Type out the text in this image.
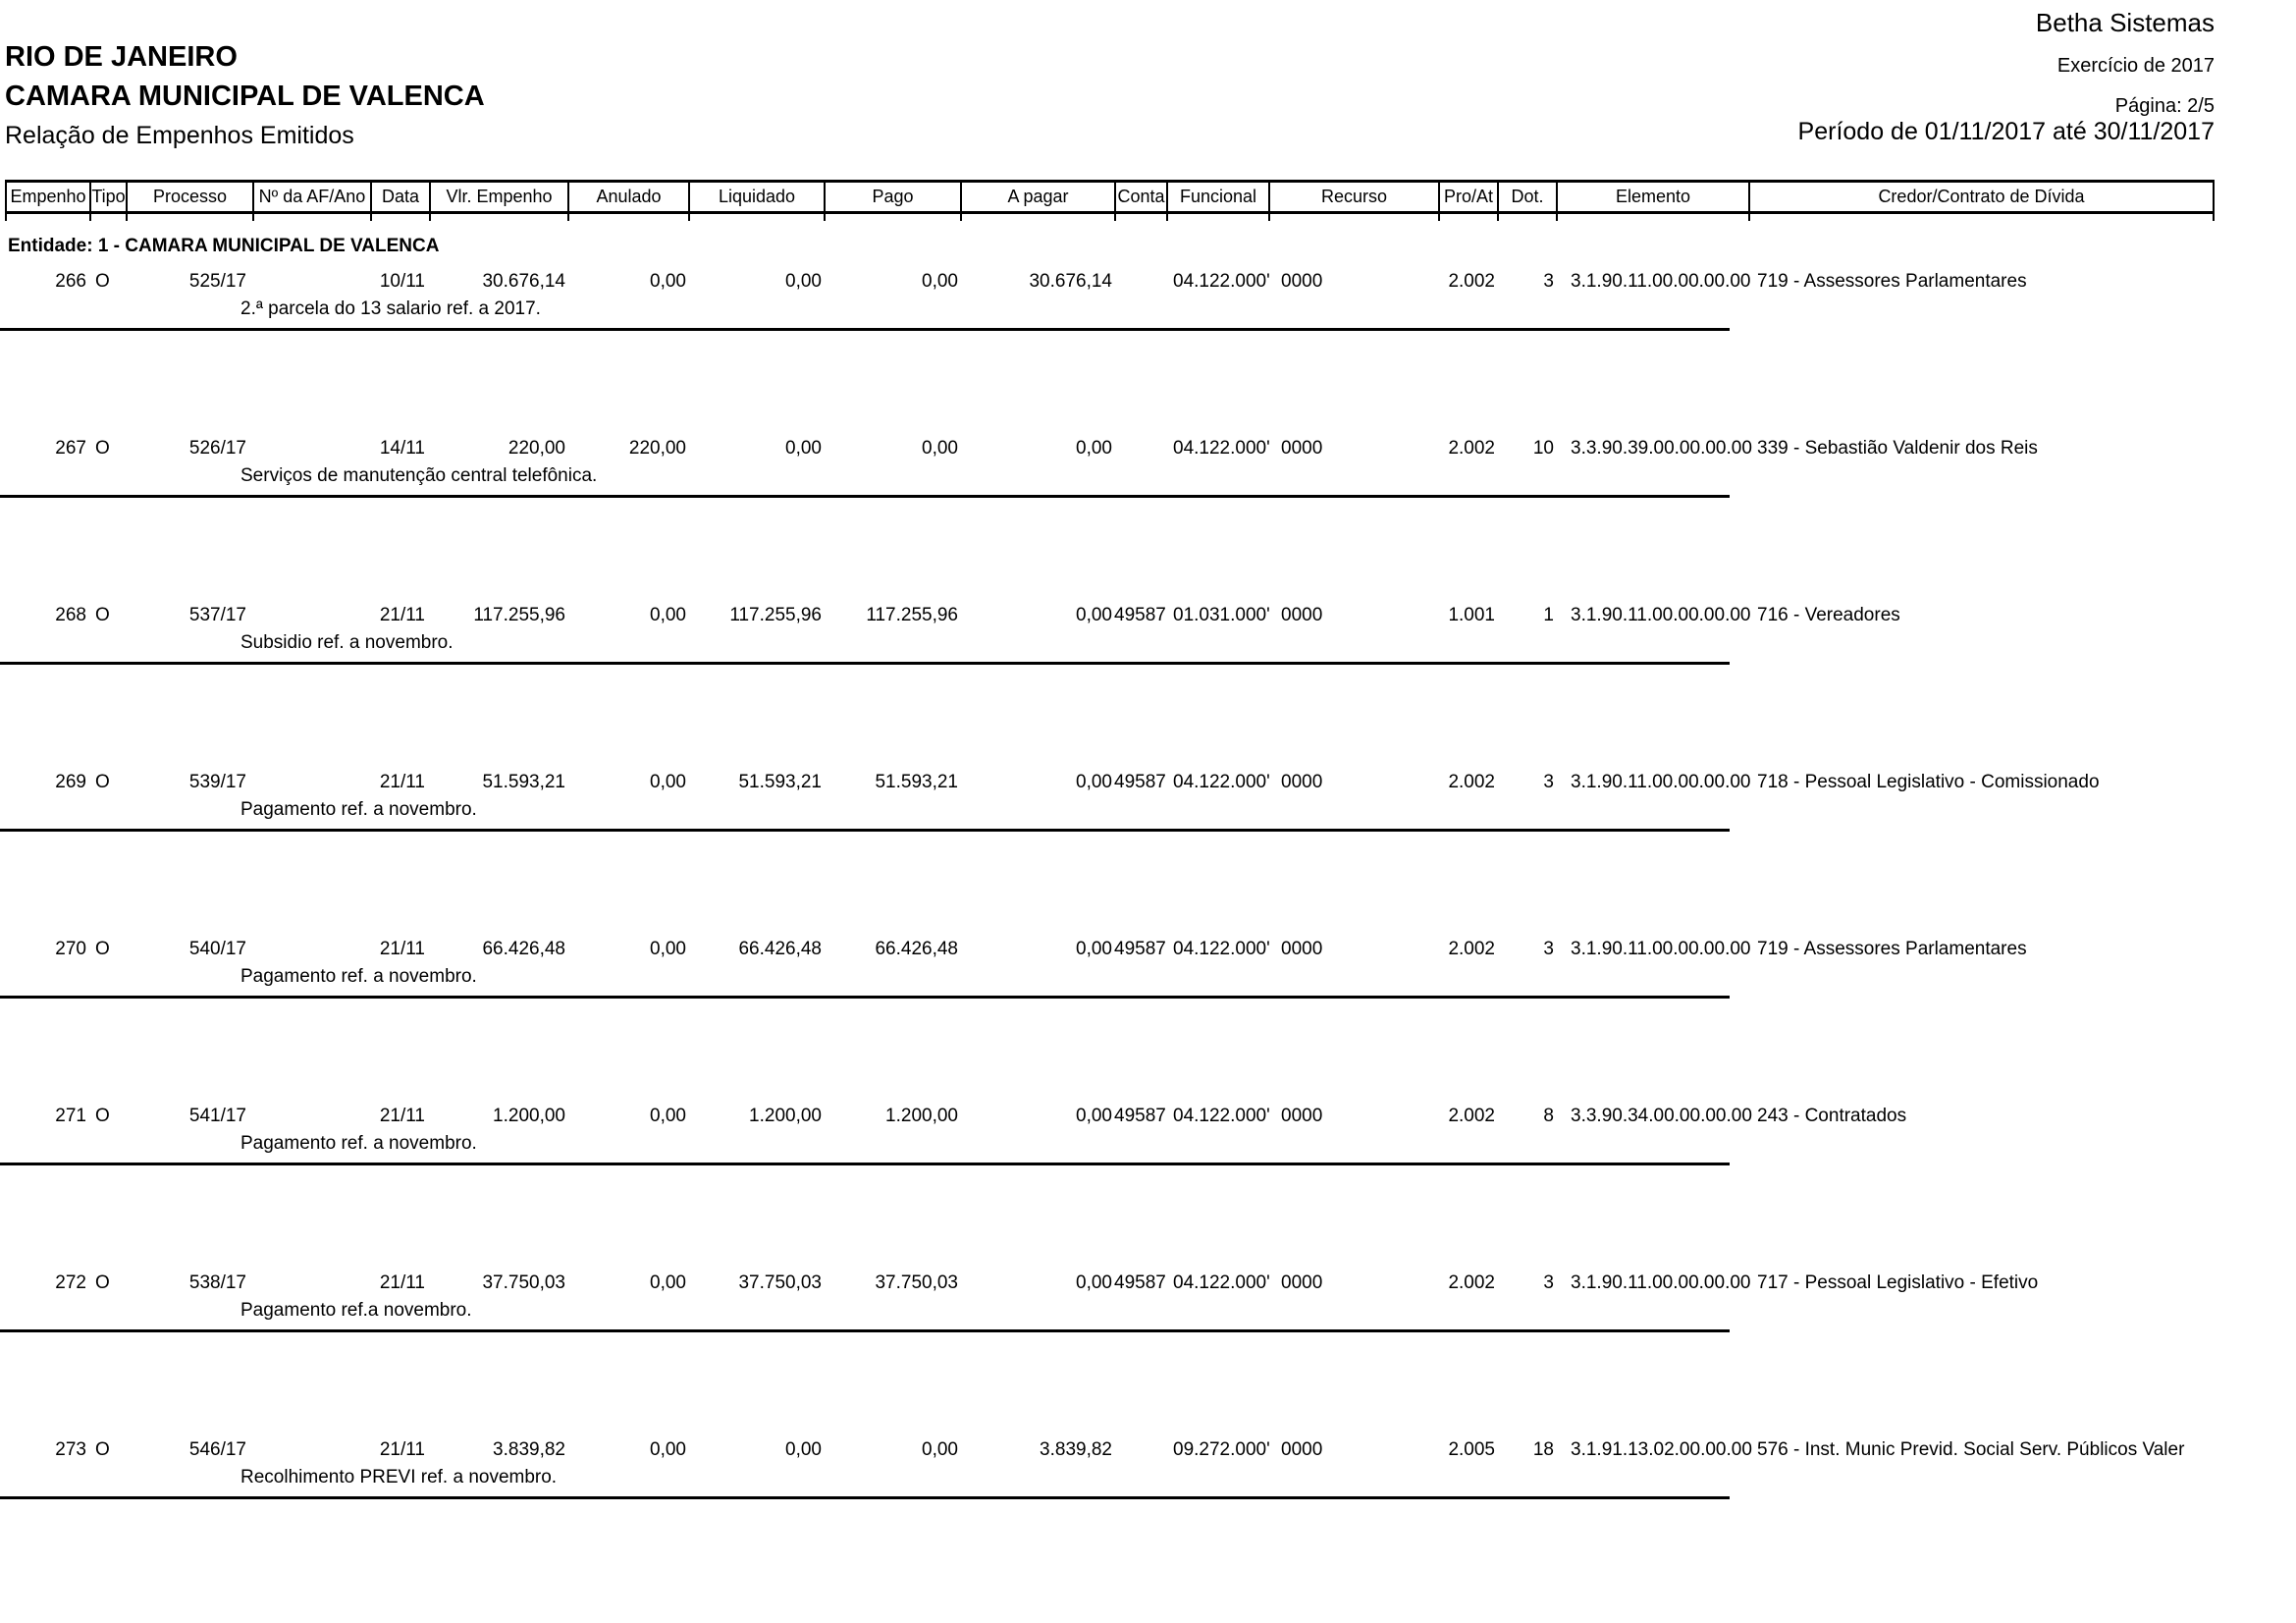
Betha Sistemas
RIO DE JANEIRO	Exercício de 2017
CAMARA MUNICIPAL DE VALENCA	Página: 2/5
Relação de Empenhos Emitidos	Período de 01/11/2017 até 30/11/2017
Empenho Tipo	Processo	Nº da AF/Ano Data	Vlr. Empenho	Anulado	Liquidado	Pago	A pagar	Conta Funcional	Recurso	Pro/At	Dot.	Elemento	Credor/Contrato de Dívida
Entidade: 1 - CAMARA MUNICIPAL DE VALENCA
266 O	525/17	10/11	30.676,14	0,00	0,00	0,00	30.676,14	04.122.000' 0000	2.002	3 3.1.90.11.00.00.00.00 719 - Assessores Parlamentares
2.ª parcela do 13 salario ref. a 2017.
267 O	526/17	14/11	220,00	220,00	0,00	0,00	0,00	04.122.000' 0000	2.002	10 3.3.90.39.00.00.00.00 339 - Sebastião Valdenir dos Reis
Serviços de manutenção central telefônica.
268 O	537/17	21/11	117.255,96	0,00	117.255,96	117.255,96	0,00 49587 01.031.000' 0000	1.001	1 3.1.90.11.00.00.00.00 716 - Vereadores
Subsidio ref. a novembro.
269 O	539/17	21/11	51.593,21	0,00	51.593,21	51.593,21	0,00 49587 04.122.000' 0000	2.002	3 3.1.90.11.00.00.00.00 718 - Pessoal Legislativo - Comissionado
Pagamento ref. a novembro.
270 O	540/17	21/11	66.426,48	0,00	66.426,48	66.426,48	0,00 49587 04.122.000' 0000	2.002	3 3.1.90.11.00.00.00.00 719 - Assessores Parlamentares
Pagamento ref. a novembro.
271 O	541/17	21/11	1.200,00	0,00	1.200,00	1.200,00	0,00 49587 04.122.000' 0000	2.002	8 3.3.90.34.00.00.00.00 243 - Contratados
Pagamento ref. a novembro.
272 O	538/17	21/11	37.750,03	0,00	37.750,03	37.750,03	0,00 49587 04.122.000' 0000	2.002	3 3.1.90.11.00.00.00.00 717 - Pessoal Legislativo - Efetivo
Pagamento ref.a novembro.
273 O	546/17	21/11	3.839,82	0,00	0,00	0,00	3.839,82	09.272.000' 0000	2.005	18 3.1.91.13.02.00.00.00 576 - Inst. Munic Previd. Social Serv. Públicos Valer
Recolhimento PREVI ref. a novembro.
